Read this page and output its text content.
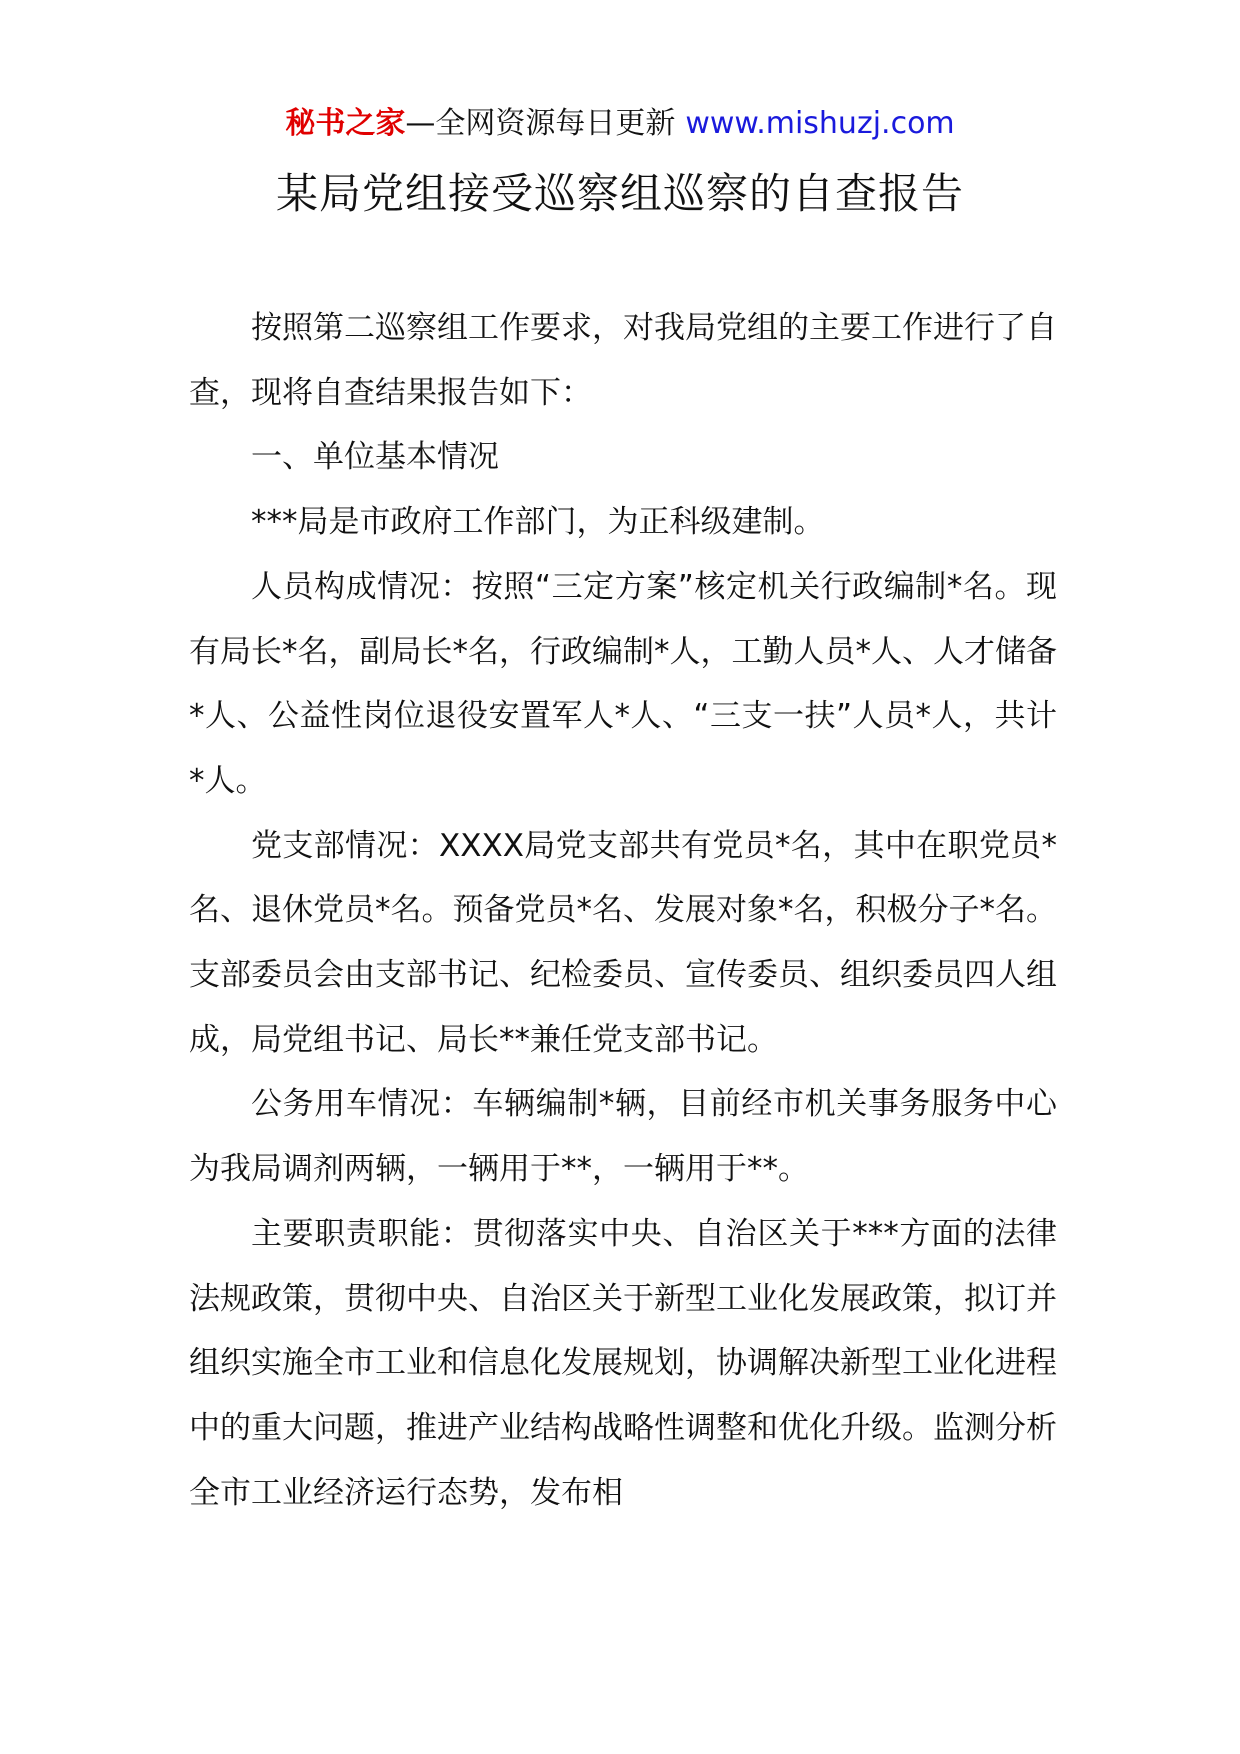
秘书之家—全网资源每日更新 www.mishuzj.com
某局党组接受巡察组巡察的自查报告

按照第二巡察组工作要求，对我局党组的主要工作进行了自查，现将自查结果报告如下：

一、单位基本情况

***局是市政府工作部门，为正科级建制。

人员构成情况：按照“三定方案”核定机关行政编制*名。现有局长*名，副局长*名，行政编制*人，工勤人员*人、人才储备*人、公益性岗位退役安置军人*人、“三支一扶”人员*人，共计*人。

党支部情况：XXXX局党支部共有党员*名，其中在职党员*名、退休党员*名。预备党员*名、发展对象*名，积极分子*名。支部委员会由支部书记、纪检委员、宣传委员、组织委员四人组成，局党组书记、局长**兼任党支部书记。

公务用车情况：车辆编制*辆，目前经市机关事务服务中心为我局调剂两辆，一辆用于**，一辆用于**。

主要职责职能：贯彻落实中央、自治区关于***方面的法律法规政策，贯彻中央、自治区关于新型工业化发展政策，拟订并组织实施全市工业和信息化发展规划，协调解决新型工业化进程中的重大问题，推进产业结构战略性调整和优化升级。监测分析全市工业经济运行态势，发布相
